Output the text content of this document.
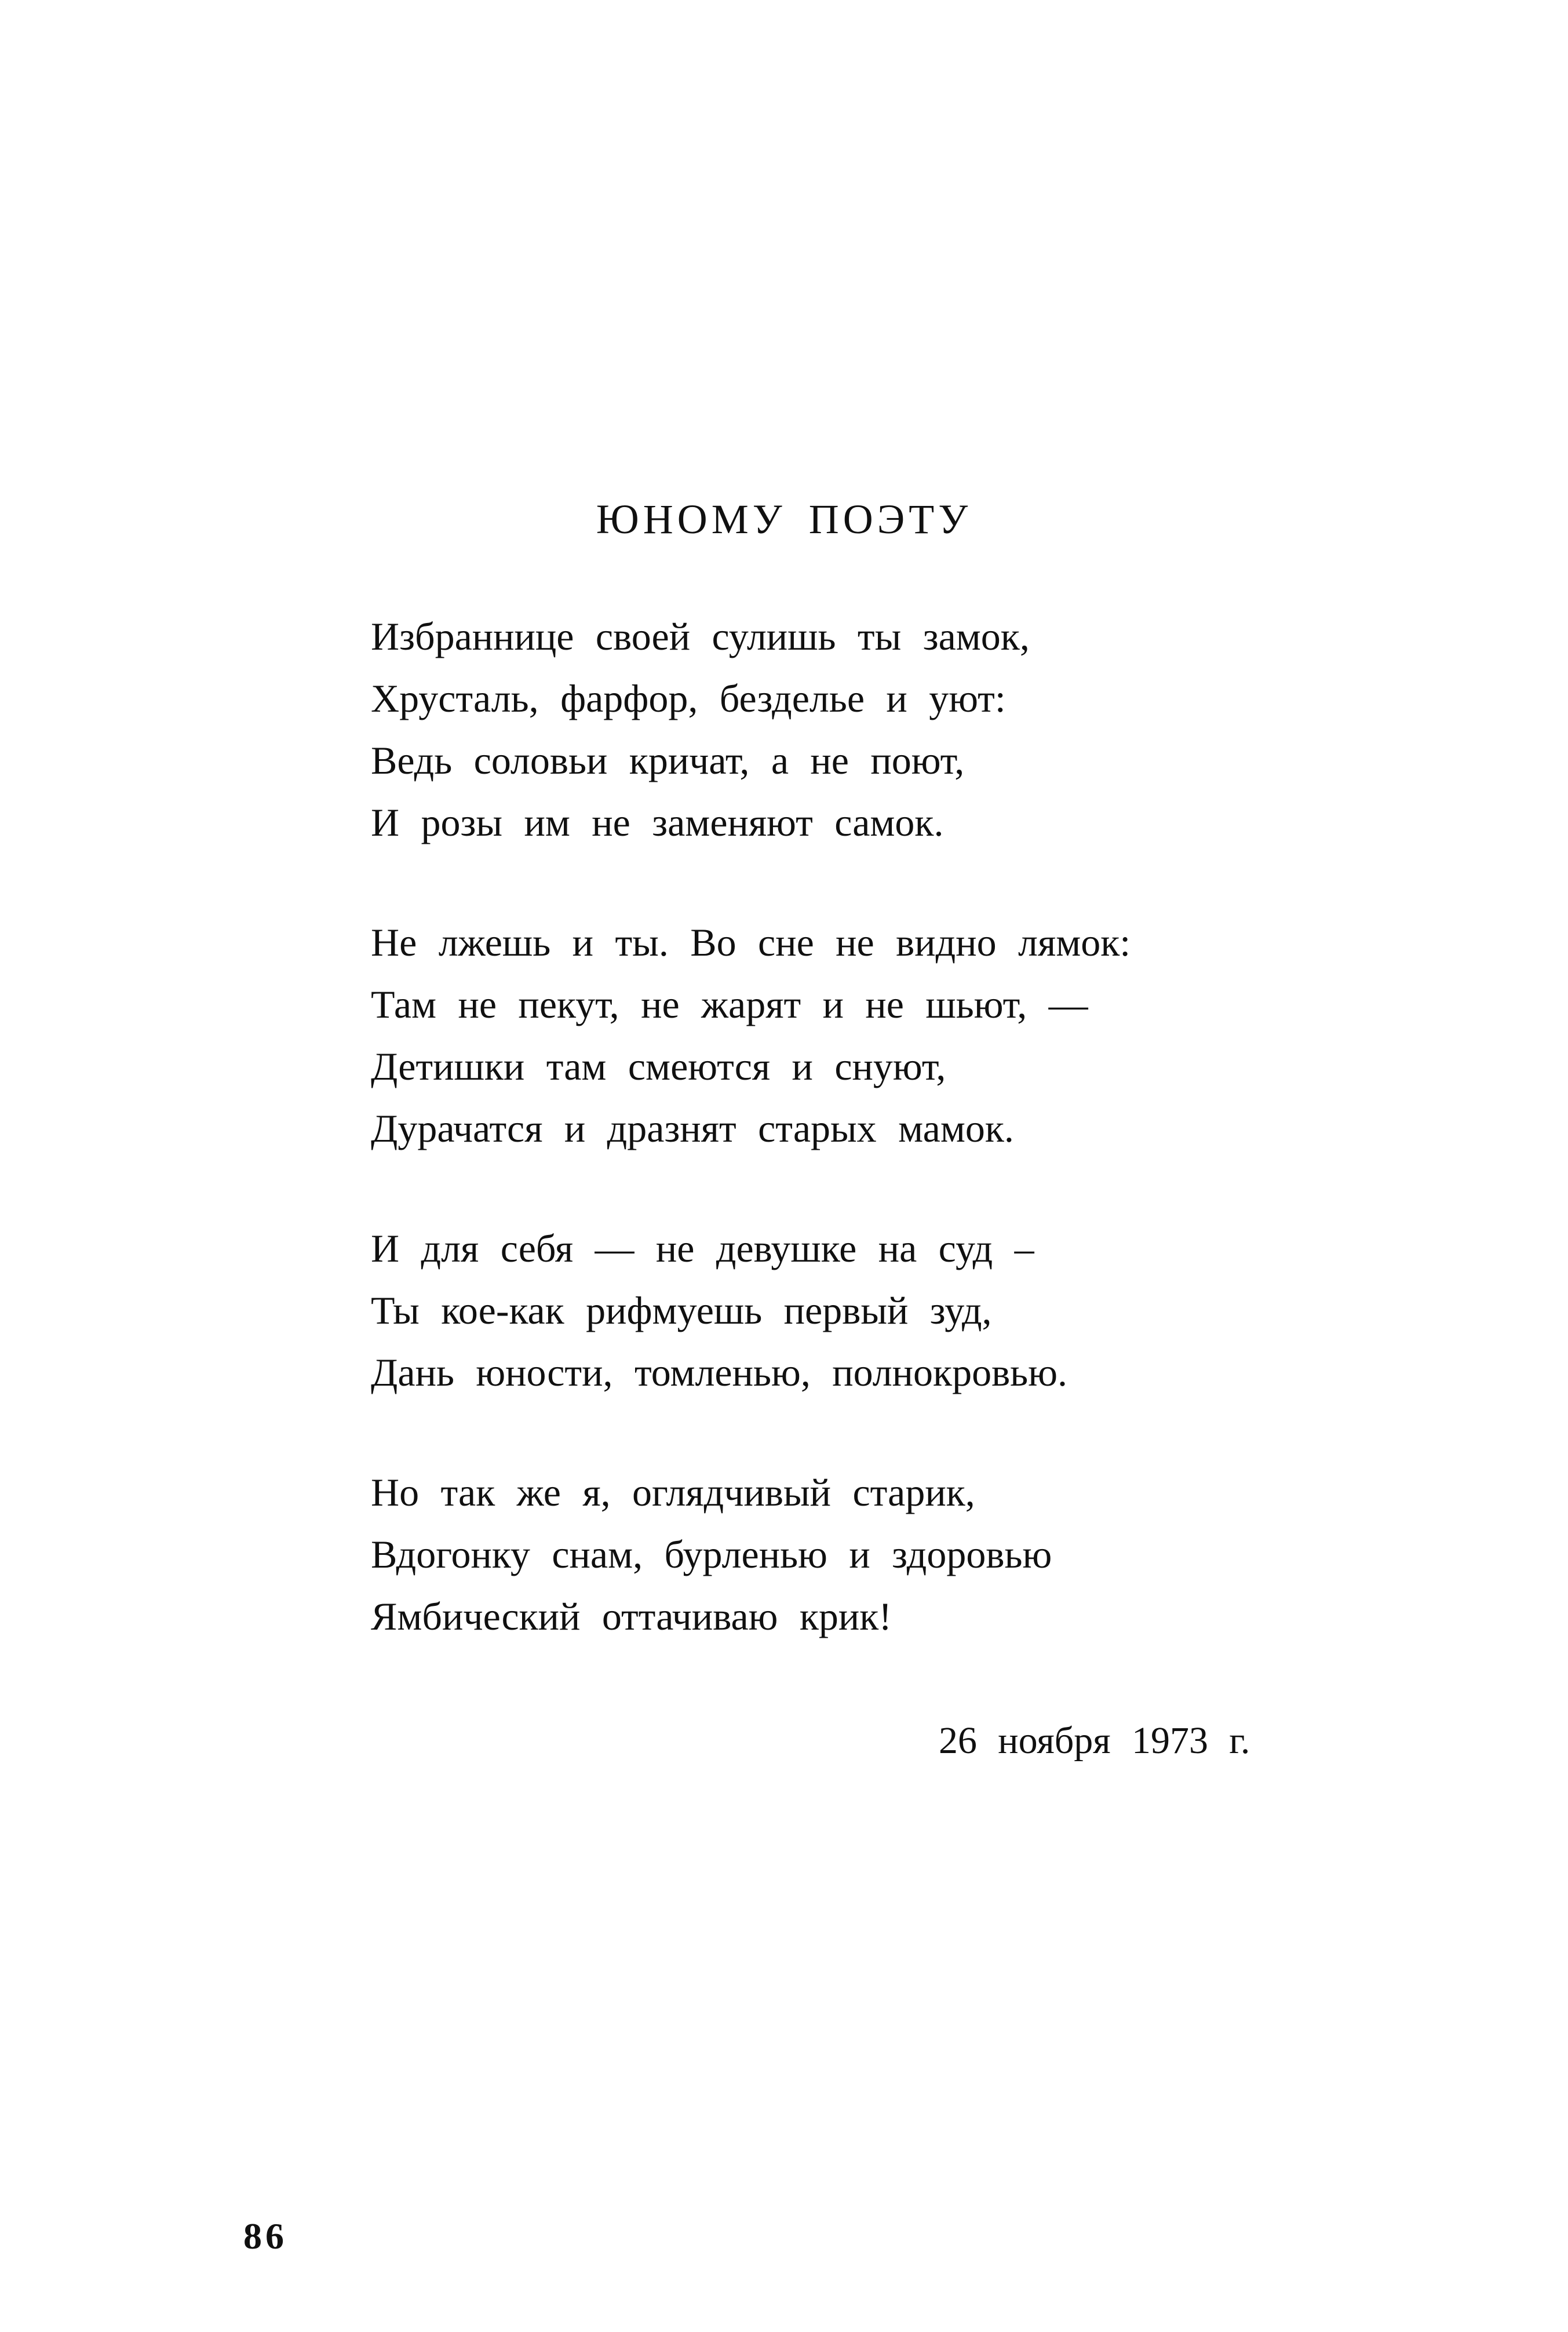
ЮНОМУ ПОЭТУ
Избраннице своей сулишь ты замок,
Хрусталь, фарфор, безделье и уют:
Ведь соловьи кричат, а не поют,
И розы им не заменяют самок.
Не лжешь и ты. Во сне не видно лямок:
Там не пекут, не жарят и не шьют, —
Детишки там смеются и снуют,
Дурачатся и дразнят старых мамок.
И для себя — не девушке на суд –
Ты кое-как рифмуешь первый зуд,
Дань юности, томленью, полнокровью.
Но так же я, оглядчивый старик,
Вдогонку снам, бурленью и здоровью
Ямбический оттачиваю крик!
26 ноября 1973 г.
86
